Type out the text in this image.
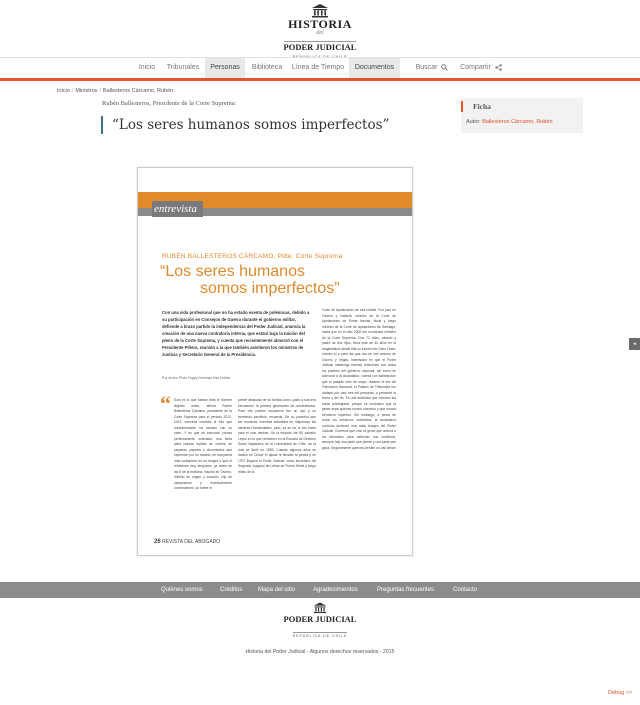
HISTORIA
del
PODER JUDICIAL
REPÚBLICA DE CHILE
Inicio	Tribunales	Personas	Biblioteca	Línea de Tiempo	Documentos	Buscar	Compartir
Inicio / Ministros / Ballesteros Cárcamo, Rubén
Rubén Ballesteros, Presidente de la Corte Suprema:
“Los seres humanos somos imperfectos”
Ficha
Autor: Ballesteros Cárcamo, Rubén
entrevista
RUBÉN BALLESTEROS CÁRCAMO, Pdte. Corte Suprema
“Los seres humanos
somos imperfectos”
Con una vida profesional que no ha estado exenta de polémicas, debido a su participación en Consejos de Guerra durante el gobierno militar, defiende a brazo partido la independencia del Poder Judicial, anuncia la creación de una nueva contraloría interna, que estará bajo la tuición del pleno de la Corte Suprema, y cuenta que recientemente almorzó con el Presidente Piñera, reunión a la que también asistieron los ministros de Justicia y Secretario General de la Presidencia.
Por Arturo Pinto Fogey Debread Oso Núñez
“ Solo es lo que hablan dela el hombre llegado antes, afirma Rubén Ballesteros Cárcamo, presidente de la Corte Suprema para el periodo 2012-2013, mientras muestra la foto que sorteariamente ha tomado con su nieto. Y es que se esconde, piezas perfectamente ordenado, una lenta alsla radada repleta de carrera de carpetas, papeles y documentos que expresión por un modelo, en una pared más cualquiera en su lengua y que el reinbenes muy temprano, ya antes de las 8 de la mañana. Nacido en Osorno, chileño de origen y corazón, hijo de campesinos y eventualmente comerciantes, su fuerte el
primer atrapado de su familia como ¡justo a sus tres hermanos!, la primera generación de universitarios. Para mis padres educarnos fue un lujo y un tremendo sacrificio, recuerda. De su juventud que ser recuerda, mientras estudiaba en Valparaíso las carreras Humanidades, pero, ya se va, lo vito hacia para el vino destino. Se la relación del 80 salvaño Leyes en lo que recibieron en la Escuela de Derecho Santo Valparaíso de la Universidad de Chile, de la cual se tituló en 1959. Cuando algunos años se dedicó en Chiloé el ajuste le llevaba fa pelota y en 1972 llegaría al Poder Judicial, como secretario del Segundo Juzgado de Letras de Puerto Montt y luego relato de la
Corte de Apelaciones de esa ciudad. Fue juez en Osorno y Valdivia, ministro de la Corte de Apelaciones de Punta Arenas, fiscal y luego ministro de la Corte de Apelaciones de Santiago, hasta que en el año 2000 fue nombrado ministro de la Corte Suprema. Dos 72 años, casado y padre de dos hijos, lleva más de 40 años en la magistratura desde ella su tricotón de Ocho Onda. Incluso el y para dar que dar se con amores de Osorno y Vegas. Interesado en que el Poder Judicial mantenga buenas relaciones con todos los poderes del gobierno nacional, así como se acercará a la ciudadanía, cuenta con satisfacción que el pasado mes de mayo, durante el día del Patrimonio Nacional, el Palacio de Tribunales fue visitado por casi tres mil personas, a presente la fecha y del fin. Es una actividad que muestra las miras privilegiada, porque es necesario que la gente sepa quiénes somos nosotros y que somos tremenos expertos. Sin embargo, a pesar de todos los esfuerzos realizados, la ciudadanía continúa teniendo una mala imagen del Poder Judicial. Creemos que esto la gente que acerca a los tribunales para defender sus conflictos, siempre hay una parte que pierde y una parte que gana. Seguramente quienes pierden no van llevan
26 REVISTA DEL ABOGADO
◂
Quiénes somos	Créditos	Mapa del sitio	Agradecimientos	Preguntas frecuentes	Contacto
PODER JUDICIAL
REPÚBLICA DE CHILE
Historia del Poder Judicial · Algunos derechos reservados · 2015
Debug >>
